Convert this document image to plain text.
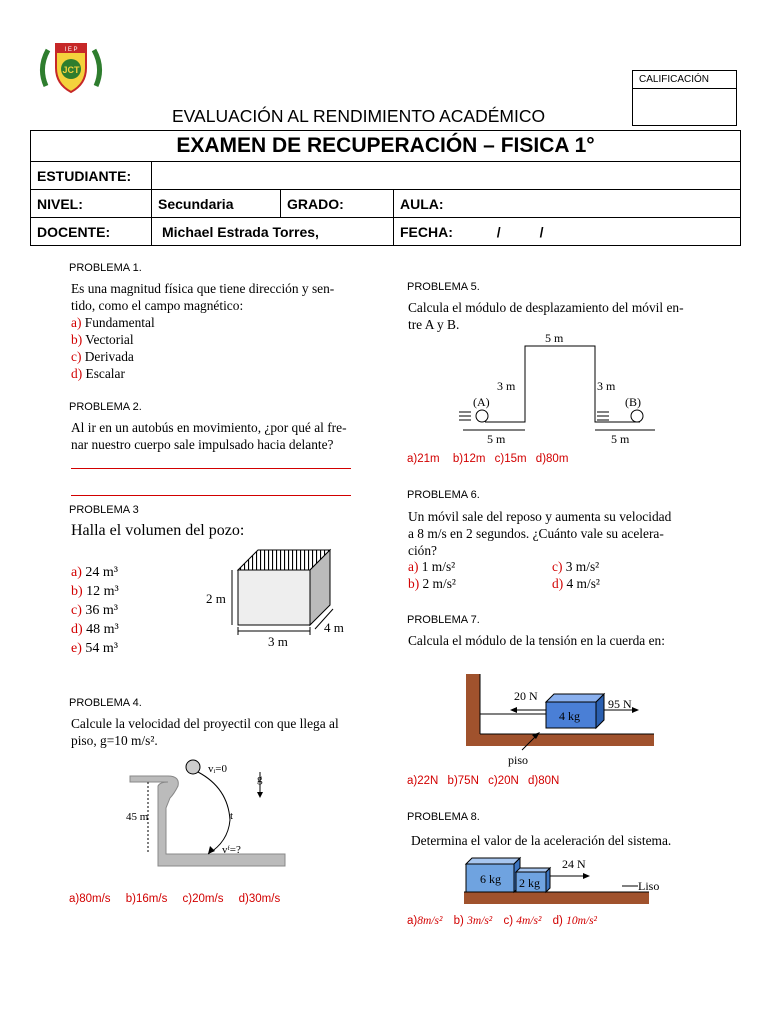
I E P
JCT
CALIFICACIÓN
EVALUACIÓN AL RENDIMIENTO ACADÉMICO
EXAMEN DE RECUPERACIÓN – FISICA 1°			
ESTUDIANTE:			
NIVEL:	Secundaria	GRADO:	AULA:
DOCENTE:	Michael Estrada Torres,		FECHA: /          /
PROBLEMA 1.
Es una magnitud física que tiene dirección y sen-
tido, como el campo magnético:
a) Fundamental
b) Vectorial
c) Derivada
d) Escalar
PROBLEMA 2.
Al ir en un autobús en movimiento, ¿por qué al fre-
nar nuestro cuerpo sale impulsado hacia delante?
PROBLEMA 3
Halla el volumen del pozo:
a) 24 m³
b) 12 m³
c) 36 m³
d) 48 m³
e) 54 m³	3 m
2 m
4 m
PROBLEMA 4.
Calcule la velocidad del proyectil con que llega al
piso, g=10 m/s².
vᵢ=0
g
45 m	t
vᶠ=?
a)80m/s b)16m/s c)20m/s d)30m/s
PROBLEMA 5.
Calcula el módulo de desplazamiento del móvil en-
tre A y B.
5 m
3 m	3 m
(A)	(B)
5 m	5 m
a)21m b)12m c)15m d)80m
PROBLEMA 6.
Un móvil sale del reposo y aumenta su velocidad
a 8 m/s en 2 segundos. ¿Cuánto vale su acelera-
ción?
a) 1 m/s²
b) 2 m/s²
c) 3 m/s²
d) 4 m/s²
PROBLEMA 7.
Calcula el módulo de la tensión en la cuerda en:
20 N
95 N
4 kg
piso
a)22N b)75N c)20N d)80N
PROBLEMA 8.
Determina el valor de la aceleración del sistema.
6 kg 2 kg
24 N
Liso
a)8m/s² b) 3m/s² c) 4m/s² d) 10m/s²
